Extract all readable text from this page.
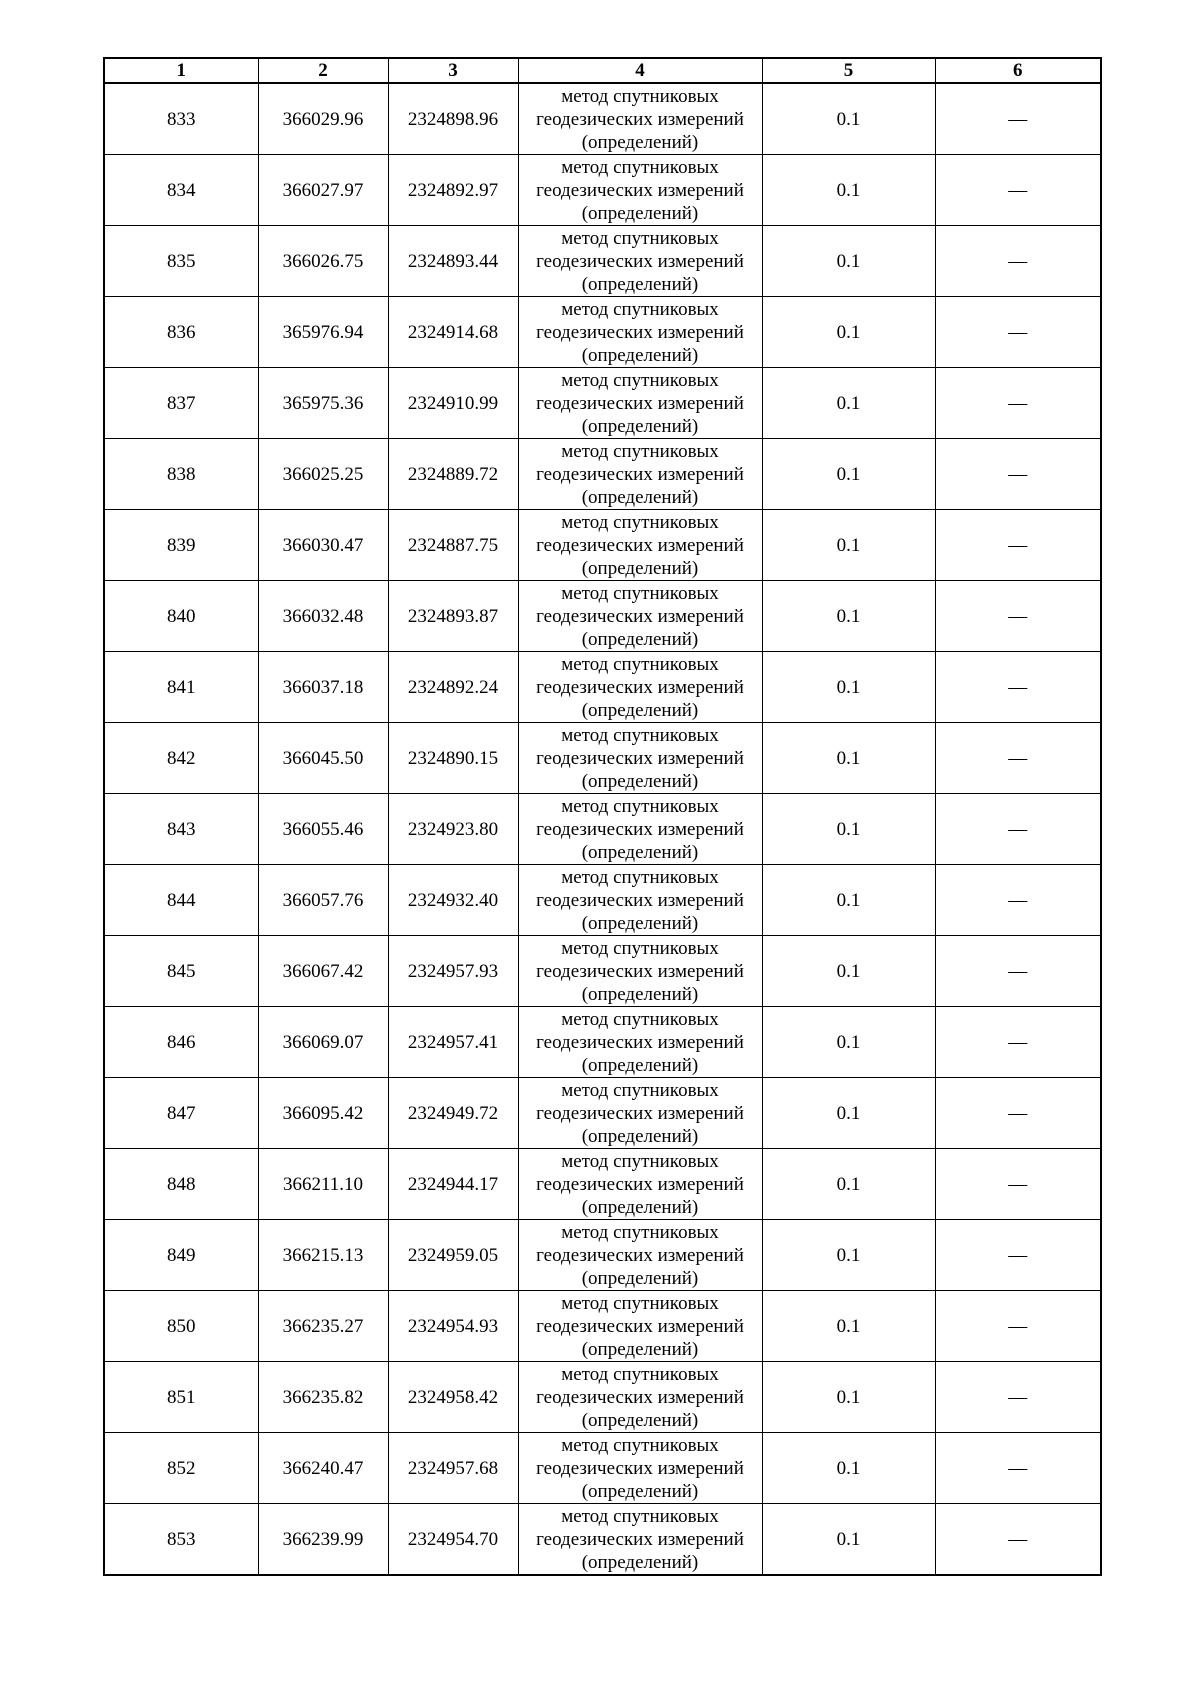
1	2	3	4	5	6
833	366029.96	2324898.96	метод спутниковых
геодезических измерений
(определений)	0.1	—
834	366027.97	2324892.97	метод спутниковых
геодезических измерений
(определений)	0.1	—
835	366026.75	2324893.44	метод спутниковых
геодезических измерений
(определений)	0.1	—
836	365976.94	2324914.68	метод спутниковых
геодезических измерений
(определений)	0.1	—
837	365975.36	2324910.99	метод спутниковых
геодезических измерений
(определений)	0.1	—
838	366025.25	2324889.72	метод спутниковых
геодезических измерений
(определений)	0.1	—
839	366030.47	2324887.75	метод спутниковых
геодезических измерений
(определений)	0.1	—
840	366032.48	2324893.87	метод спутниковых
геодезических измерений
(определений)	0.1	—
841	366037.18	2324892.24	метод спутниковых
геодезических измерений
(определений)	0.1	—
842	366045.50	2324890.15	метод спутниковых
геодезических измерений
(определений)	0.1	—
843	366055.46	2324923.80	метод спутниковых
геодезических измерений
(определений)	0.1	—
844	366057.76	2324932.40	метод спутниковых
геодезических измерений
(определений)	0.1	—
845	366067.42	2324957.93	метод спутниковых
геодезических измерений
(определений)	0.1	—
846	366069.07	2324957.41	метод спутниковых
геодезических измерений
(определений)	0.1	—
847	366095.42	2324949.72	метод спутниковых
геодезических измерений
(определений)	0.1	—
848	366211.10	2324944.17	метод спутниковых
геодезических измерений
(определений)	0.1	—
849	366215.13	2324959.05	метод спутниковых
геодезических измерений
(определений)	0.1	—
850	366235.27	2324954.93	метод спутниковых
геодезических измерений
(определений)	0.1	—
851	366235.82	2324958.42	метод спутниковых
геодезических измерений
(определений)	0.1	—
852	366240.47	2324957.68	метод спутниковых
геодезических измерений
(определений)	0.1	—
853	366239.99	2324954.70	метод спутниковых
геодезических измерений
(определений)	0.1	—
